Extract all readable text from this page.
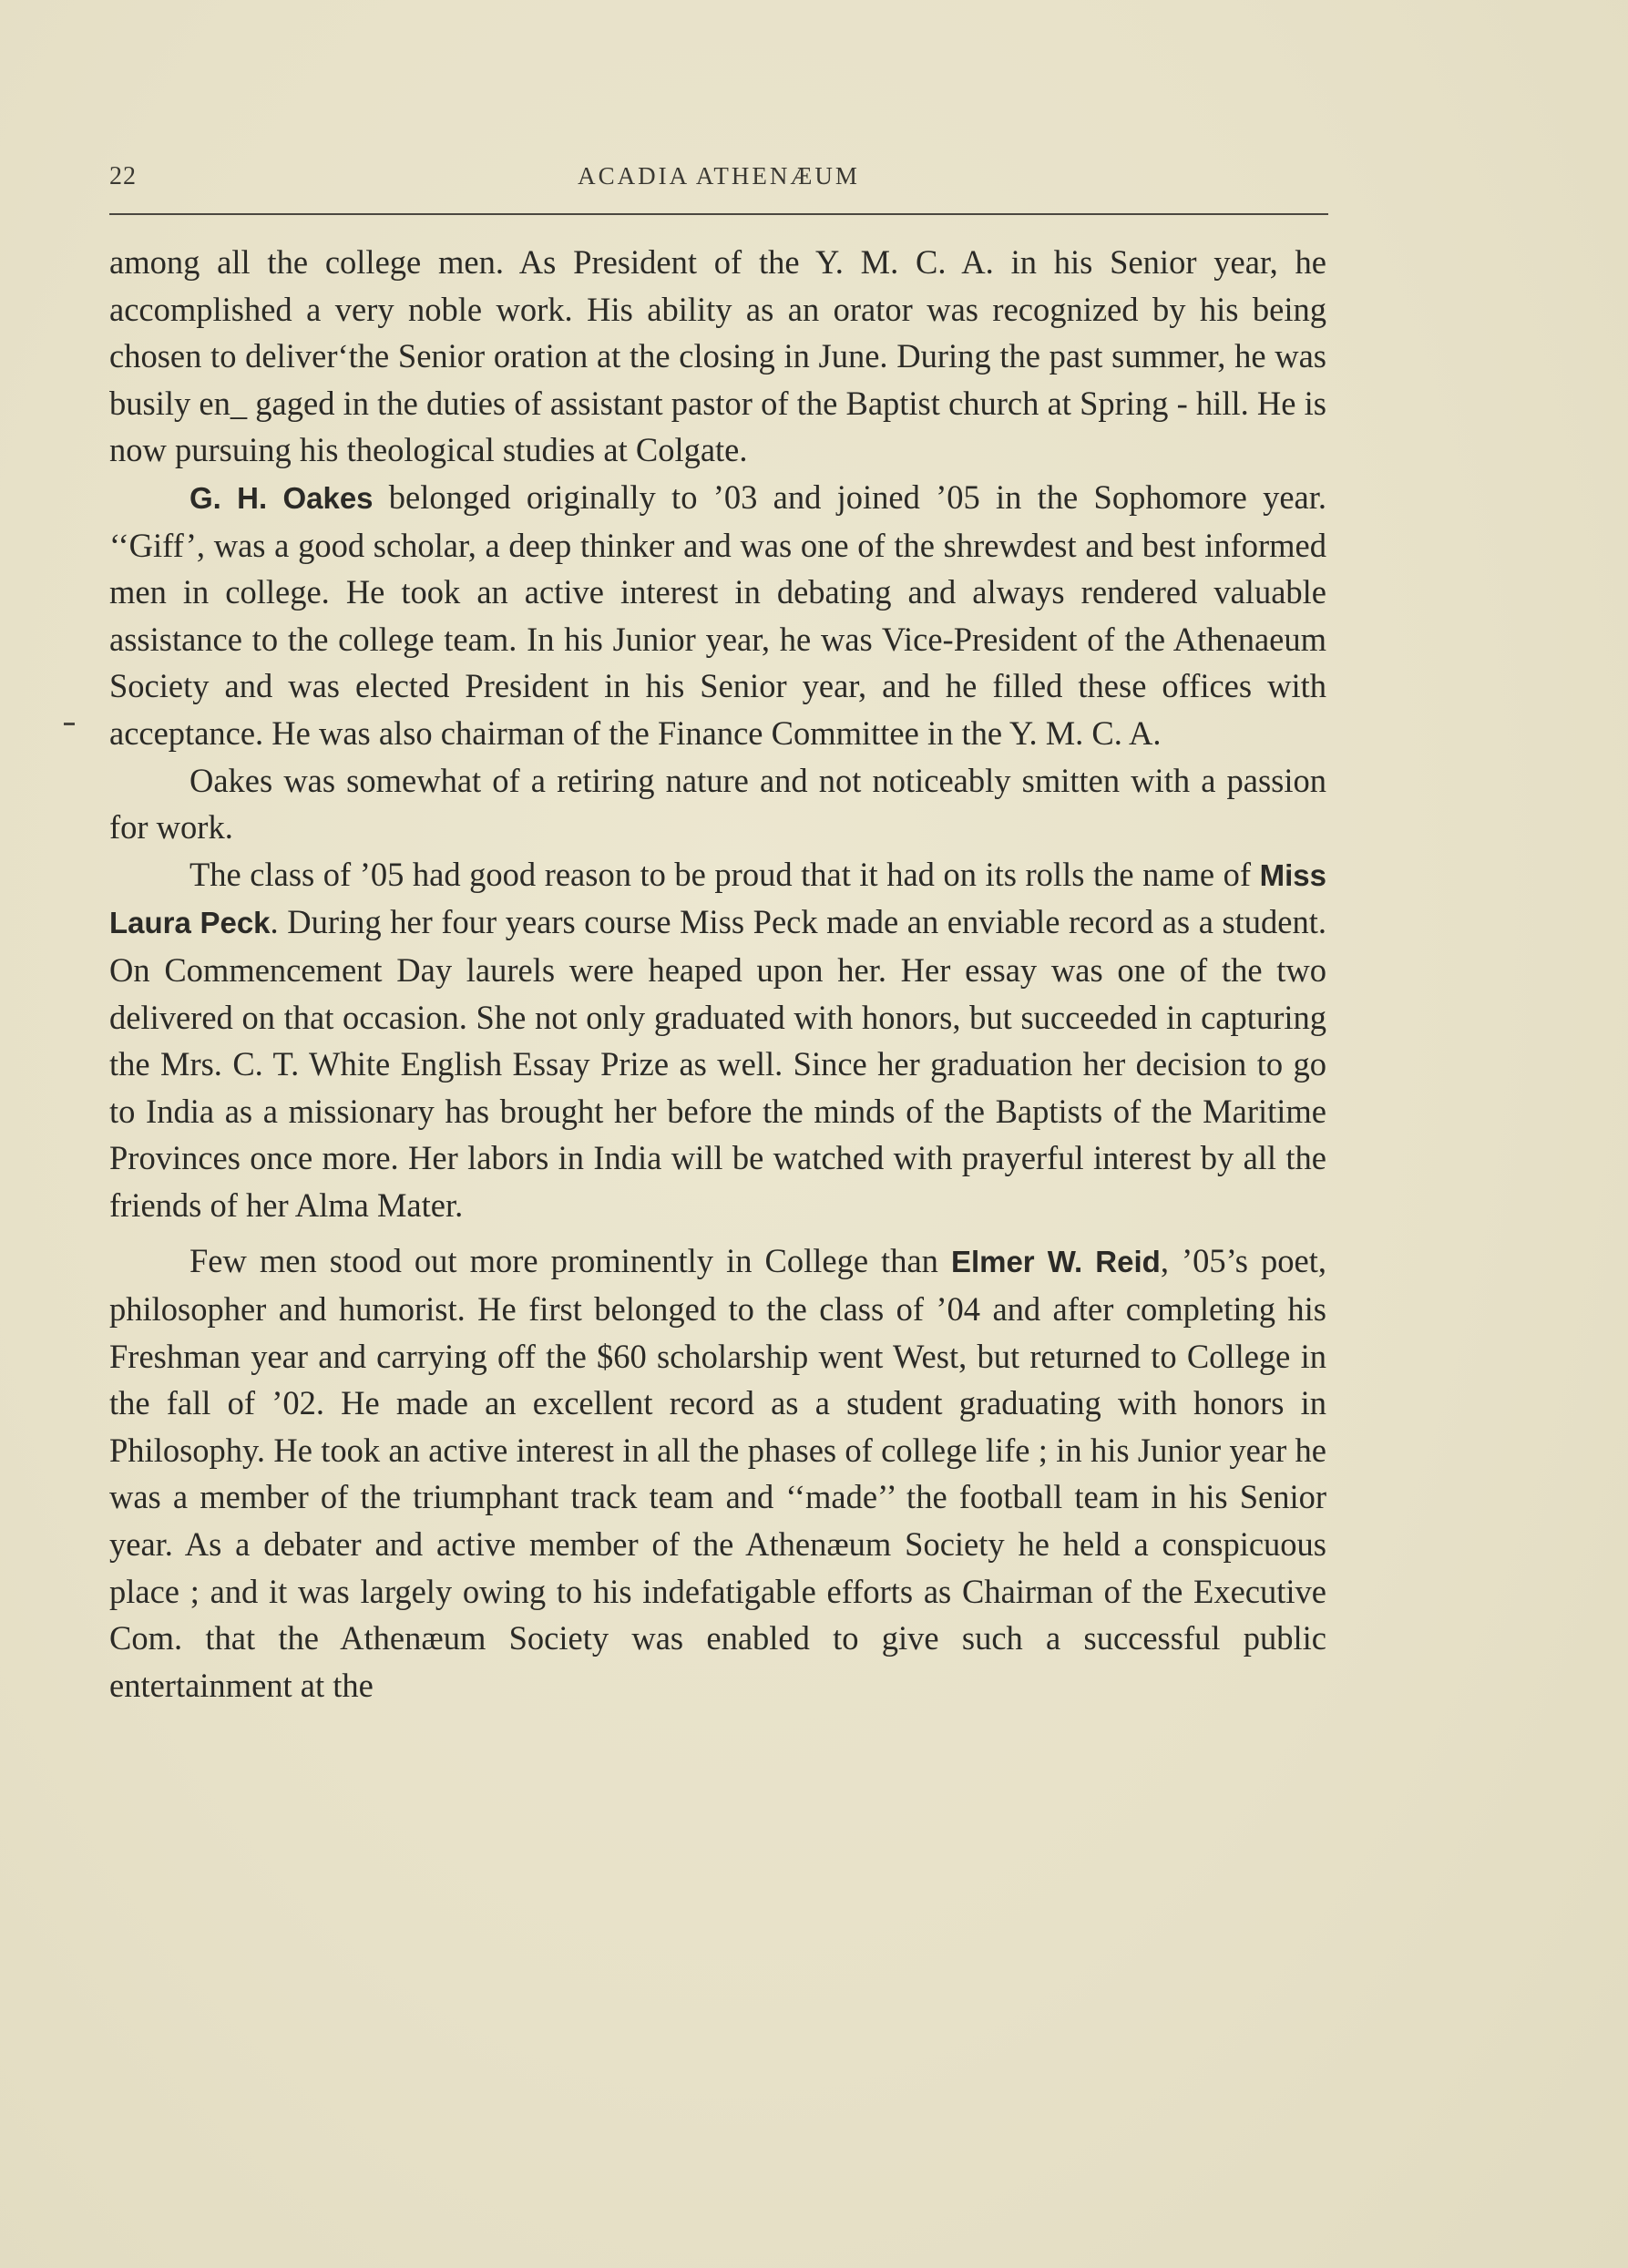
22	ACADIA ATHENÆUM

among all the college men. As President of the Y. M. C. A. in his Senior year, he accomplished a very noble work. His ability as an orator was recognized by his being chosen to deliver‘the Senior oration at the closing in June. During the past summer, he was busily en_ gaged in the duties of assistant pastor of the Baptist church at Spring - hill. He is now pursuing his theological studies at Colgate.

G. H. Oakes belonged originally to ’03 and joined ’05 in the Sophomore year. ‘‘Giff’, was a good scholar, a deep thinker and was one of the shrewdest and best informed men in college. He took an active interest in debating and always rendered valuable assistance to the college team. In his Junior year, he was Vice-President of the Athenaeum Society and was elected President in his Senior year, and he filled these offices with acceptance. He was also chairman of the Finance Committee in the Y. M. C. A.

Oakes was somewhat of a retiring nature and not noticeably smitten with a passion for work.

The class of ’05 had good reason to be proud that it had on its rolls the name of Miss Laura Peck. During her four years course Miss Peck made an enviable record as a student. On Commencement Day laurels were heaped upon her. Her essay was one of the two delivered on that occasion. She not only graduated with honors, but succeeded in capturing the Mrs. C. T. White English Essay Prize as well. Since her graduation her decision to go to India as a missionary has brought her before the minds of the Baptists of the Maritime Provinces once more. Her labors in India will be watched with prayerful interest by all the friends of her Alma Mater.

Few men stood out more prominently in College than Elmer W. Reid, ’05’s poet, philosopher and humorist. He first belonged to the class of ’04 and after completing his Freshman year and carrying off the $60 scholarship went West, but returned to College in the fall of ’02. He made an excellent record as a student graduating with honors in Philosophy. He took an active interest in all the phases of college life ; in his Junior year he was a member of the triumphant track team and ‘‘made’’ the football team in his Senior year. As a debater and active member of the Athenæum Society he held a conspicuous place ; and it was largely owing to his indefatigable efforts as Chairman of the Executive Com. that the Athenæum Society was enabled to give such a successful public entertainment at the
